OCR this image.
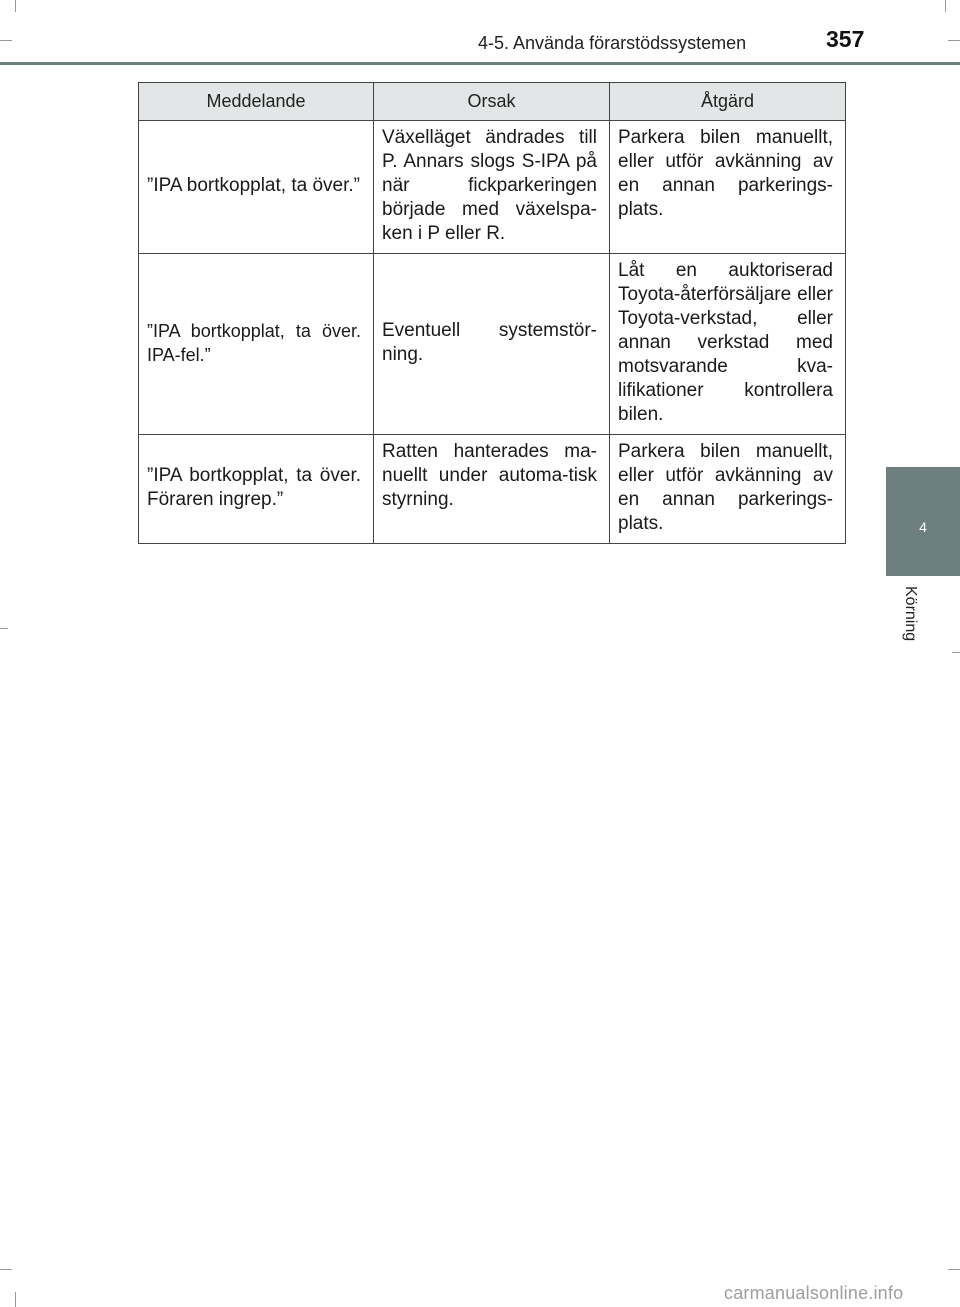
4-5. Använda förarstödssystemen	357
4
Körning
Meddelande	Orsak	Åtgärd
”IPA bortkopplat, ta över.”	Växelläget ändrades till P. Annars slogs S-IPA på när fickparkeringen började med växelspa-ken i P eller R.	Parkera bilen manuellt, eller utför avkänning av en annan parkerings-plats.
”IPA bortkopplat, ta över. IPA-fel.”	Eventuell systemstör-ning.	Låt en auktoriserad Toyota-återförsäljare eller Toyota-verkstad, eller annan verkstad med motsvarande kva-lifikationer kontrollera bilen.
”IPA bortkopplat, ta över. Föraren ingrep.”	Ratten hanterades ma-nuellt under automa-tisk styrning.	Parkera bilen manuellt, eller utför avkänning av en annan parkerings-plats.
carmanualsonline.info
